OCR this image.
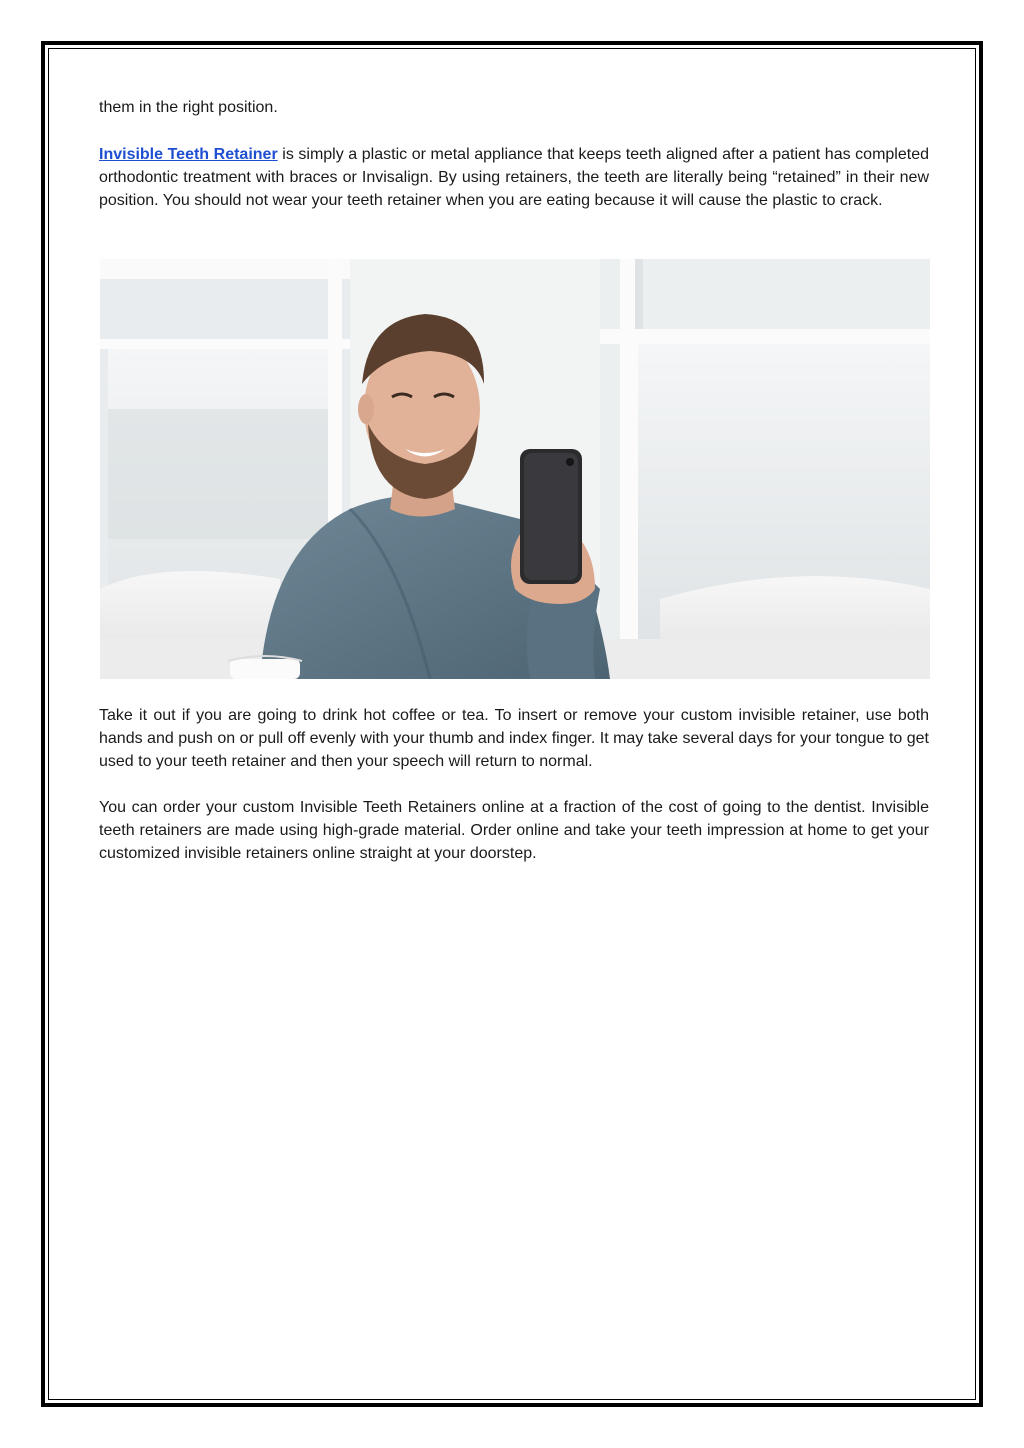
them in the right position.

Invisible Teeth Retainer is simply a plastic or metal appliance that keeps teeth aligned after a patient has completed orthodontic treatment with braces or Invisalign. By using retainers, the teeth are literally being “retained” in their new position. You should not wear your teeth retainer when you are eating because it will cause the plastic to crack.

Take it out if you are going to drink hot coffee or tea. To insert or remove your custom invisible retainer, use both hands and push on or pull off evenly with your thumb and index finger. It may take several days for your tongue to get used to your teeth retainer and then your speech will return to normal.

You can order your custom Invisible Teeth Retainers online at a fraction of the cost of going to the dentist. Invisible teeth retainers are made using high-grade material. Order online and take your teeth impression at home to get your customized invisible retainers online straight at your doorstep.
